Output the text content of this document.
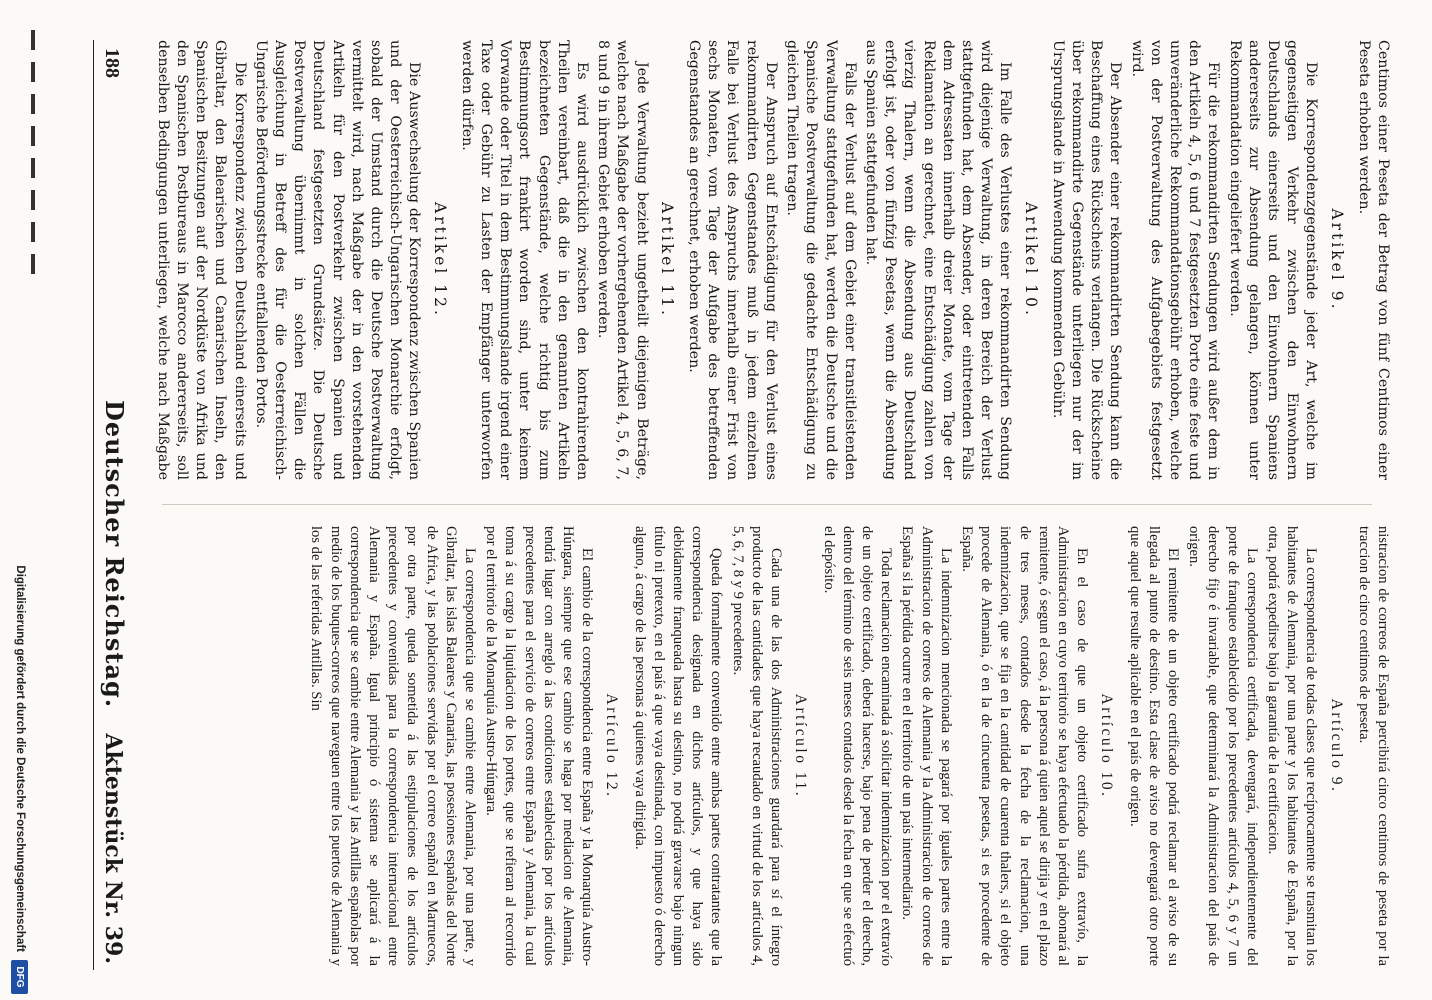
188
Deutscher Reichstag.
Aktenstück Nr. 39.

Centimos einer Peseta der Betrag von fünf Centimos einer Peseta erhoben werden.

Artikel 9.

Die Korrespondenzgegenstände jeder Art, welche im gegenseitigen Verkehr zwischen den Einwohnern Deutschlands einerseits und den Einwohnern Spaniens andererseits zur Absendung gelangen, können unter Rekommandation eingeliefert werden.

Für die rekommandirten Sendungen wird außer dem in den Artikeln 4, 5, 6 und 7 festgesetzten Porto eine feste und unveränderliche Rekommandationsgebühr erhoben, welche von der Postverwaltung des Aufgabegebiets festgesetzt wird.

Der Absender einer rekommandirten Sendung kann die Beschaffung eines Rückscheins verlangen. Die Rückscheine über rekommandirte Gegenstände unterliegen nur der im Ursprungslande in Anwendung kommenden Gebühr.

Artikel 10.

Im Falle des Verlustes einer rekommandirten Sendung wird diejenige Verwaltung, in deren Bereich der Verlust stattgefunden hat, dem Absender, oder eintretenden Falls dem Adressaten innerhalb dreier Monate, vom Tage der Reklamation an gerechnet, eine Entschädigung zahlen von vierzig Thalern, wenn die Absendung aus Deutschland erfolgt ist, oder von fünfzig Pesetas, wenn die Absendung aus Spanien stattgefunden hat.

Falls der Verlust auf dem Gebiet einer transitleistenden Verwaltung stattgefunden hat, werden die Deutsche und die Spanische Postverwaltung die gedachte Entschädigung zu gleichen Theilen tragen.

Der Anspruch auf Entschädigung für den Verlust eines rekommandirten Gegenstandes muß in jedem einzelnen Falle bei Verlust des Anspruchs innerhalb einer Frist von sechs Monaten, vom Tage der Aufgabe des betreffenden Gegenstandes an gerechnet, erhoben werden.

Artikel 11.

Jede Verwaltung bezieht ungetheilt diejenigen Beträge, welche nach Maßgabe der vorhergehenden Artikel 4, 5, 6, 7, 8 und 9 in ihrem Gebiet erhoben werden.

Es wird ausdrücklich zwischen den kontrahirenden Theilen vereinbart, daß die in den genannten Artikeln bezeichneten Gegenstände, welche richtig bis zum Bestimmungsort frankirt worden sind, unter keinem Vorwande oder Titel in dem Bestimmungslande irgend einer Taxe oder Gebühr zu Lasten der Empfänger unterworfen werden dürfen.

Artikel 12.

Die Auswechselung der Korrespondenz zwischen Spanien und der Oesterreichisch-Ungarischen Monarchie erfolgt, sobald der Umstand durch die Deutsche Postverwaltung vermittelt wird, nach Maßgabe der in den vorstehenden Artikeln für den Postverkehr zwischen Spanien und Deutschland festgesetzten Grundsätze. Die Deutsche Postverwaltung übernimmt in solchen Fällen die Ausgleichung in Betreff des für die Oesterreichisch-Ungarische Beförderungsstrecke entfallenden Portos.

Die Korrespondenz zwischen Deutschland einerseits und Gibraltar, den Balearischen und Canarischen Inseln, den Spanischen Besitzungen auf der Nordküste von Afrika und den Spanischen Postbureaus in Marocco andererseits, soll denselben Bedingungen unterliegen, welche nach Maßgabe

nistracion de correos de España percibirá cinco centimos de peseta por la traccion de cinco centimos de peseta.

Artículo 9.

La correspondencia de todas clases que recíprocamente se trasmitan los habitantes de Alemania, por una parte y los habitantes de España, por la otra, podrá expedirse bajo la garantía de la certificacion.

La correspondencia certificada, devengará, independientemente del porte de franqueo establecido por los precedentes artículos 4, 5, 6 y 7 un derecho fijo é invariable, que determinará la Administracion del país de origen.

El remitente de un objeto certificado podrá reclamar el aviso de su llegada al punto de destino. Esta clase de aviso no devengará otro porte que aquel que resulte aplicable en el país de origen.

Artículo 10.

En el caso de que un objeto certificado sufra extravío, la Administracion en cuyo territorio se haya efectuado la pérdida, abonará al remitente, ó segun el caso, á la persona á quien aquel se dirija y en el plazo de tres meses, contados desde la fecha de la reclamacion, una indemnizacion, que se fija en la cantidad de cuarenta thalers, si el objeto procede de Alemania, ó en la de cincuenta pesetas, si es procedente de España.

La indemnizacion mencionada se pagará por iguales partes entre la Administracion de correos de Alemania y la Administracion de correos de España si la pérdida ocurre en el territorio de un país intermediario.

Toda reclamacion encaminada á solicitar indemnizacion por el extravío de un objeto certificado, deberá hacerse, bajo pena de perder el derecho, dentro del término de seis meses contados desde la fecha en que se efectuó el depósito.

Artículo 11.

Cada una de las dos Administraciones guardará para sí el íntegro producto de las cantidades que haya recaudado en virtud de los artículos 4, 5, 6, 7, 8 y 9 precedentes.

Queda formalmente convenido entre ambas partes contratantes que la correspondencia designada en dichos artículos, y que haya sido debidamente franqueada hasta su destino, no podrá gravarse bajo ningun título ni pretexto, en el país á que vaya destinada, con impuesto ó derecho alguno, á cargo de las personas á quienes vaya dirigida.

Artículo 12.

El cambio de la correspondencia entre España y la Monarquía Austro-Húngara, siempre que ese cambio se haga por mediacion de Alemania, tendrá lugar con arreglo á las condiciones establecidas por los artículos precedentes para el servicio de correos entre España y Alemania, la cual toma á su cargo la liquidacion de los portes, que se refieran al recorrido por el territorio de la Monarquía Austro-Húngara.

La correspondencia que se cambie entre Alemania, por una parte, y Gibraltar, las islas Baleares y Canarias, las posesiones españolas del Norte de Africa, y las poblaciones servidas por el correo español en Marruecos, por otra parte, queda sometida á las estipulaciones de los artículos precedentes y convenidas para la correspondencia internacional entre Alemania y España. Igual principio ó sistema se aplicará á la correspondencia que se cambie entre Alemania y las Antillas españolas por medio de los buques-correos que naveguen entre los puertos de Alemania y los de las referidas Antillas. Sin

Digitalisierung gefördert durch die Deutsche Forschungsgemeinschaft
DFG
